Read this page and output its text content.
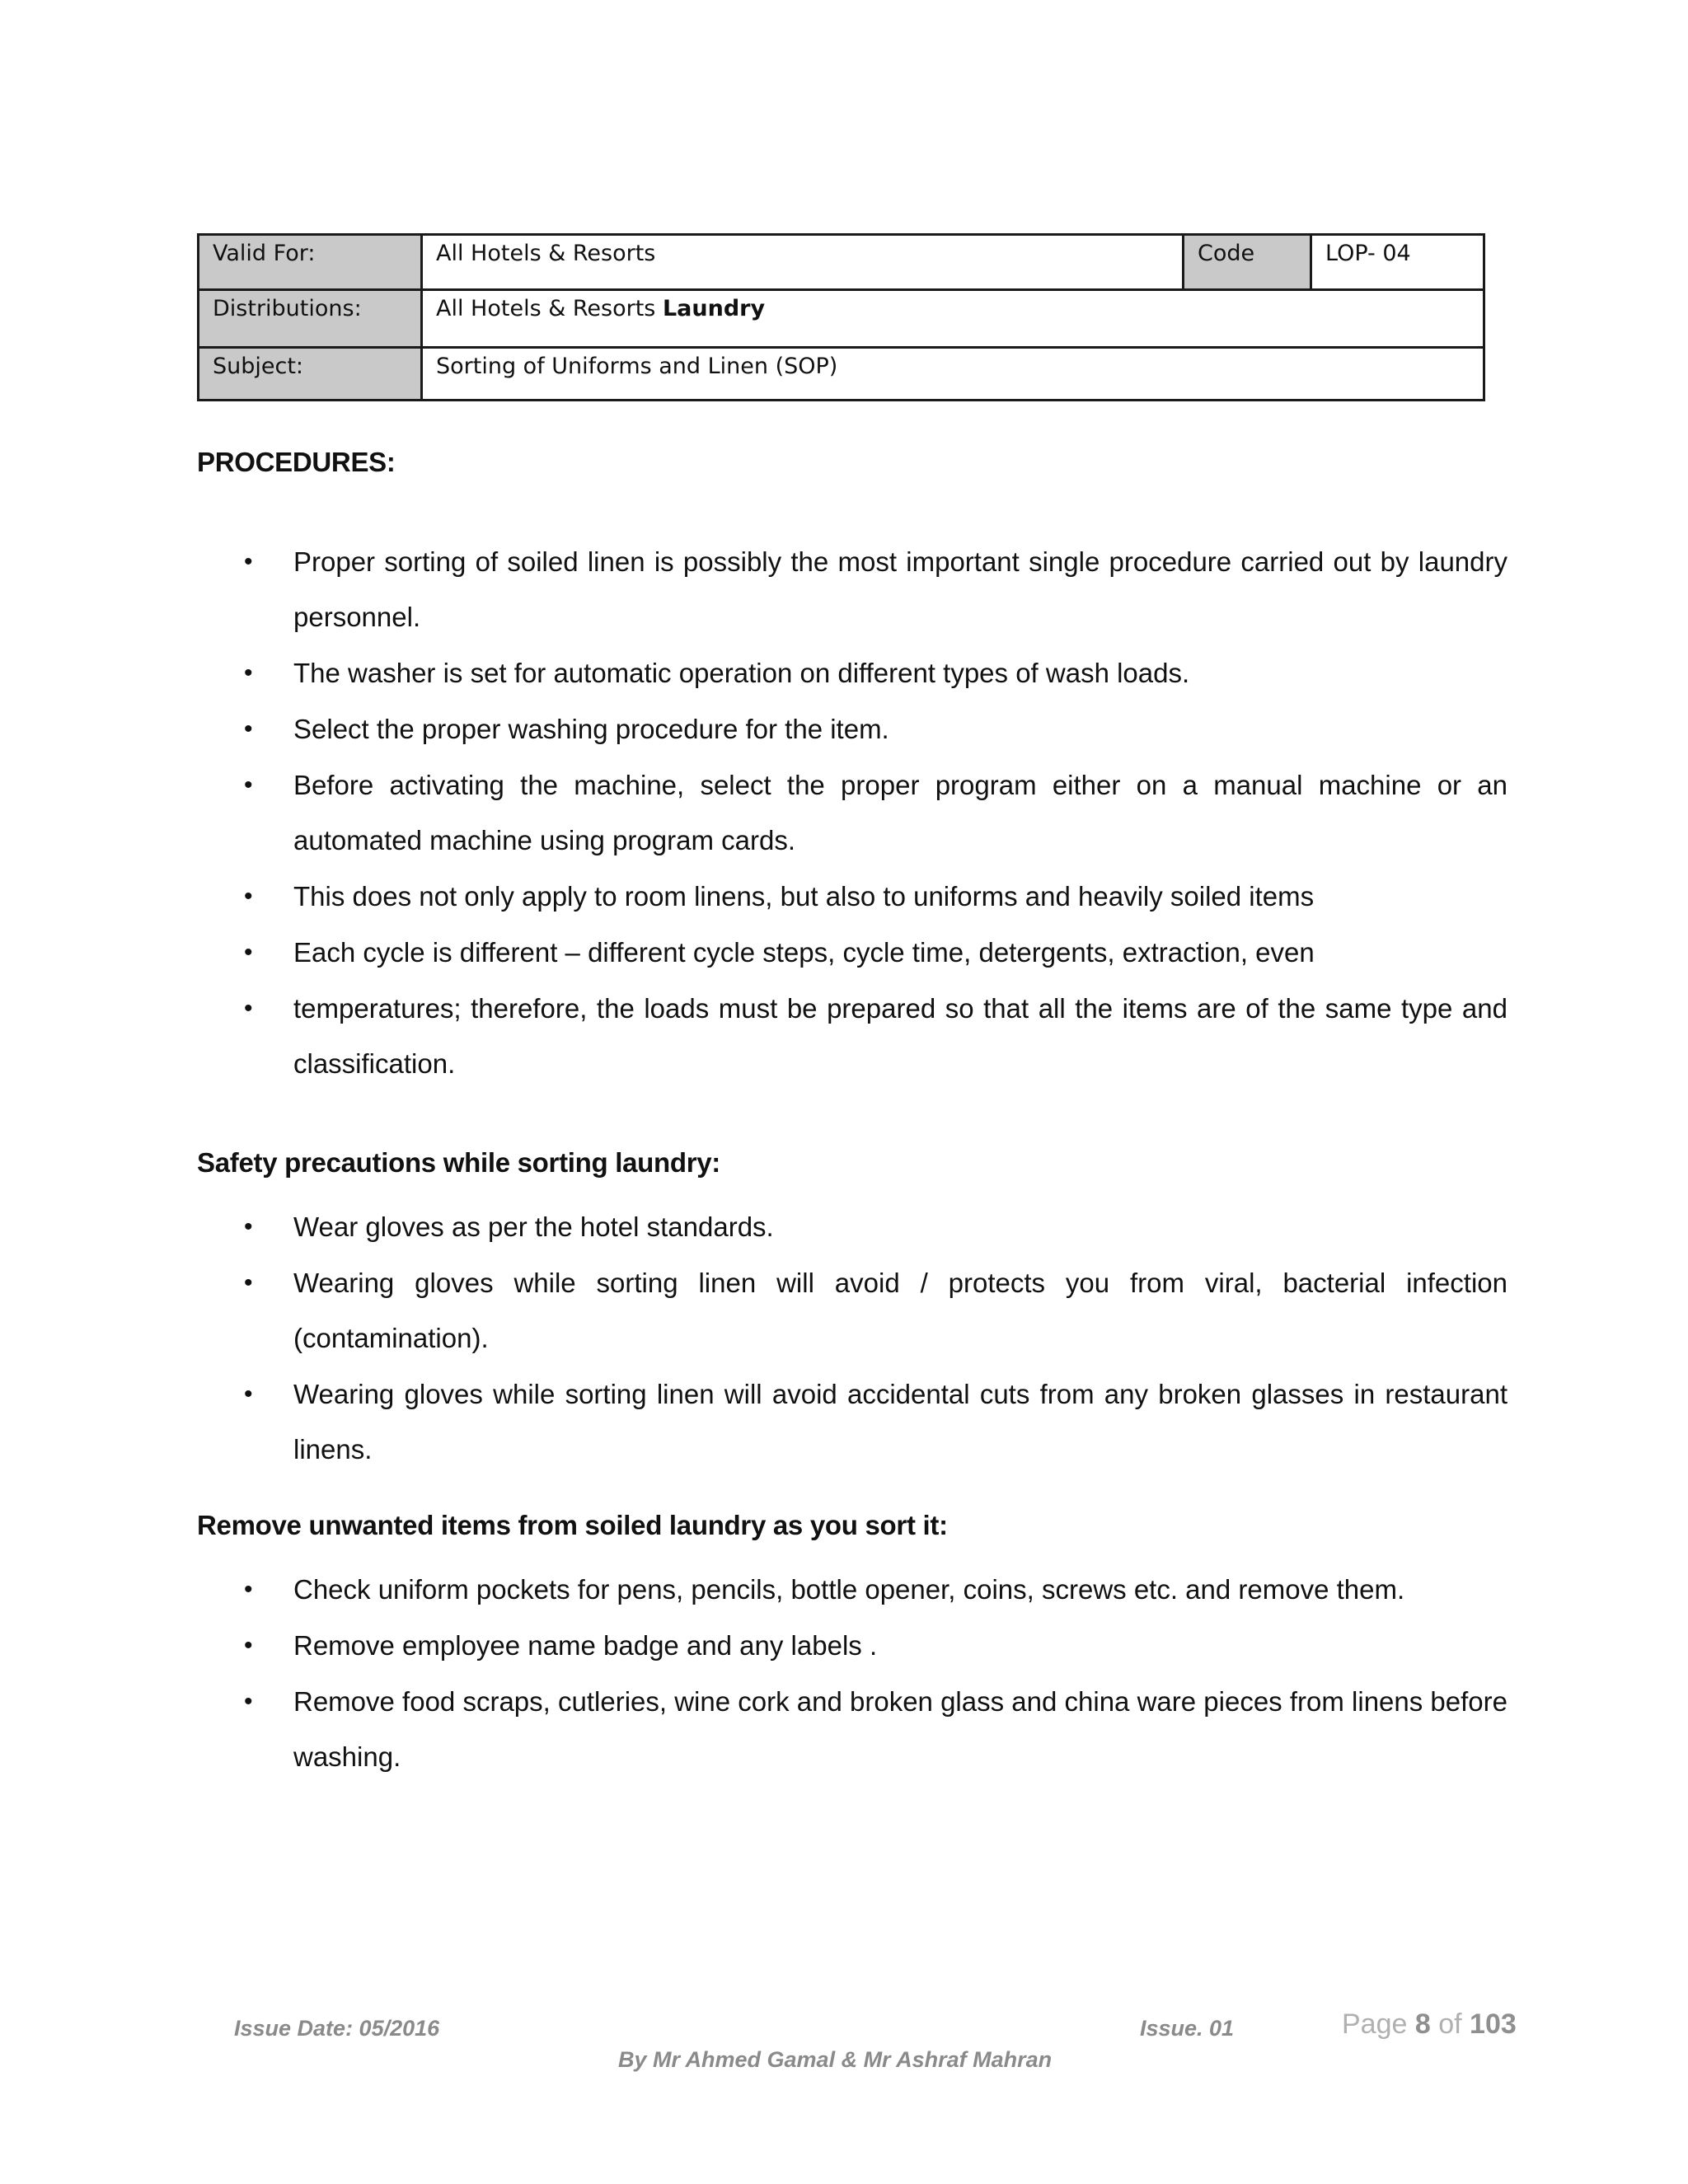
Valid For:	All Hotels & Resorts	Code	LOP- 04
Distributions:	All Hotels & Resorts Laundry		
Subject:	Sorting of Uniforms and Linen (SOP)		
PROCEDURES:
• Proper sorting of soiled linen is possibly the most important single procedure carried out by laundry personnel.
• The washer is set for automatic operation on different types of wash loads.
• Select the proper washing procedure for the item.
• Before activating the machine, select the proper program either on a manual machine or an automated machine using program cards.
• This does not only apply to room linens, but also to uniforms and heavily soiled items
• Each cycle is different – different cycle steps, cycle time, detergents, extraction, even
• temperatures; therefore, the loads must be prepared so that all the items are of the same type and classification.
Safety precautions while sorting laundry:
• Wear gloves as per the hotel standards.
• Wearing gloves while sorting linen will avoid / protects you from viral, bacterial infection (contamination).
• Wearing gloves while sorting linen will avoid accidental cuts from any broken glasses in restaurant linens.
Remove unwanted items from soiled laundry as you sort it:
• Check uniform pockets for pens, pencils, bottle opener, coins, screws etc. and remove them.
• Remove employee name badge and any labels .
• Remove food scraps, cutleries, wine cork and broken glass and china ware pieces from linens before washing.
Issue Date: 05/2016	Issue. 01	Page 8 of 103
By Mr Ahmed Gamal & Mr Ashraf Mahran
